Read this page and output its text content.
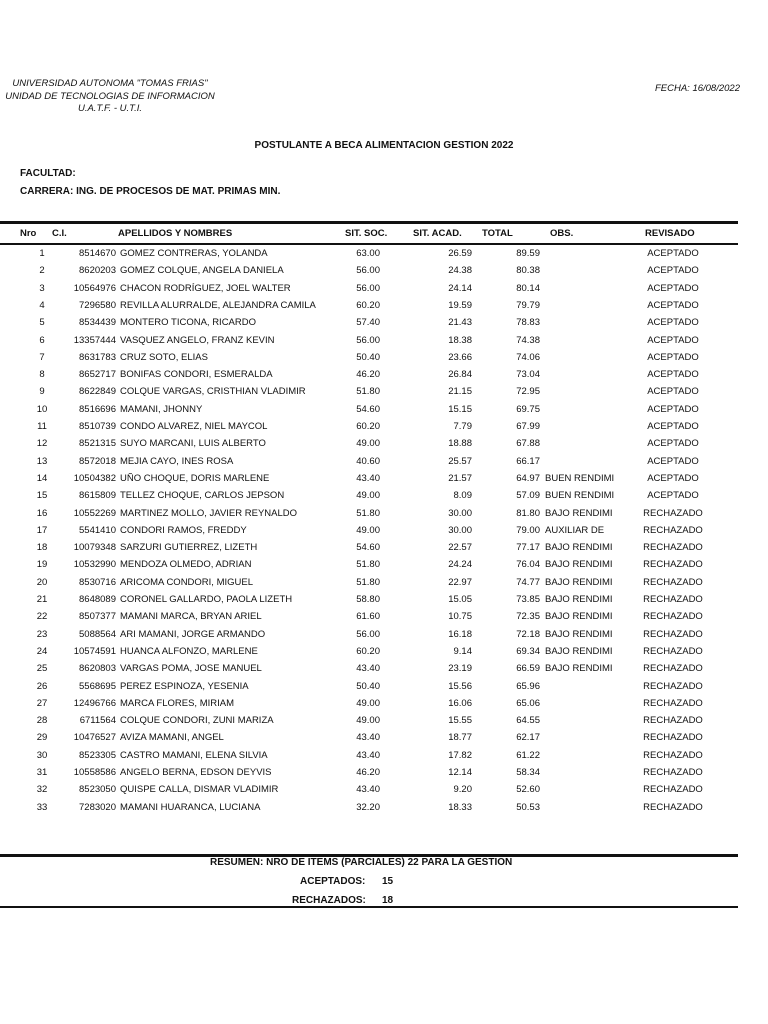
UNIVERSIDAD AUTONOMA "TOMAS FRIAS"
UNIDAD DE TECNOLOGIAS DE INFORMACION
U.A.T.F. - U.T.I.
FECHA: 16/08/2022
POSTULANTE A BECA ALIMENTACION GESTION 2022
FACULTAD:
CARRERA: ING. DE PROCESOS DE MAT. PRIMAS MIN.
Nro C.I.	APELLIDOS Y NOMBRES	SIT. SOC.	SIT. ACAD. TOTAL	OBS.	REVISADO
1	8514670 GOMEZ CONTRERAS, YOLANDA	63.00	26.59	89.59	ACEPTADO
2	8620203 GOMEZ COLQUE, ANGELA DANIELA	56.00	24.38	80.38	ACEPTADO
3	10564976 CHACON RODRÍGUEZ, JOEL WALTER	56.00	24.14	80.14	ACEPTADO
4	7296580 REVILLA ALURRALDE, ALEJANDRA CAMILA	60.20	19.59	79.79	ACEPTADO
5	8534439 MONTERO TICONA, RICARDO	57.40	21.43	78.83	ACEPTADO
6	13357444 VASQUEZ ANGELO, FRANZ KEVIN	56.00	18.38	74.38	ACEPTADO
7	8631783 CRUZ SOTO, ELIAS	50.40	23.66	74.06	ACEPTADO
8	8652717 BONIFAS CONDORI, ESMERALDA	46.20	26.84	73.04	ACEPTADO
9	8622849 COLQUE VARGAS, CRISTHIAN VLADIMIR	51.80	21.15	72.95	ACEPTADO
10	8516696 MAMANI, JHONNY	54.60	15.15	69.75	ACEPTADO
11	8510739 CONDO ALVAREZ, NIEL MAYCOL	60.20	7.79	67.99	ACEPTADO
12	8521315 SUYO MARCANI, LUIS ALBERTO	49.00	18.88	67.88	ACEPTADO
13	8572018 MEJIA CAYO, INES ROSA	40.60	25.57	66.17	ACEPTADO
14	10504382 UÑO CHOQUE, DORIS MARLENE	43.40	21.57	64.97 BUEN RENDIMI	ACEPTADO
15	8615809 TELLEZ CHOQUE, CARLOS JEPSON	49.00	8.09	57.09 BUEN RENDIMI	ACEPTADO
16	10552269 MARTINEZ MOLLO, JAVIER REYNALDO	51.80	30.00	81.80 BAJO RENDIMI	RECHAZADO
17	5541410 CONDORI RAMOS, FREDDY	49.00	30.00	79.00 AUXILIAR DE	RECHAZADO
18	10079348 SARZURI GUTIERREZ, LIZETH	54.60	22.57	77.17 BAJO RENDIMI	RECHAZADO
19	10532990 MENDOZA OLMEDO, ADRIAN	51.80	24.24	76.04 BAJO RENDIMI	RECHAZADO
20	8530716 ARICOMA CONDORI, MIGUEL	51.80	22.97	74.77 BAJO RENDIMI	RECHAZADO
21	8648089 CORONEL GALLARDO, PAOLA LIZETH	58.80	15.05	73.85 BAJO RENDIMI	RECHAZADO
22	8507377 MAMANI MARCA, BRYAN ARIEL	61.60	10.75	72.35 BAJO RENDIMI	RECHAZADO
23	5088564 ARI MAMANI, JORGE ARMANDO	56.00	16.18	72.18 BAJO RENDIMI	RECHAZADO
24	10574591 HUANCA ALFONZO, MARLENE	60.20	9.14	69.34 BAJO RENDIMI	RECHAZADO
25	8620803 VARGAS POMA, JOSE MANUEL	43.40	23.19	66.59 BAJO RENDIMI	RECHAZADO
26	5568695 PEREZ ESPINOZA, YESENIA	50.40	15.56	65.96	RECHAZADO
27	12496766 MARCA FLORES, MIRIAM	49.00	16.06	65.06	RECHAZADO
28	6711564 COLQUE CONDORI, ZUNI MARIZA	49.00	15.55	64.55	RECHAZADO
29	10476527 AVIZA MAMANI, ANGEL	43.40	18.77	62.17	RECHAZADO
30	8523305 CASTRO MAMANI, ELENA SILVIA	43.40	17.82	61.22	RECHAZADO
31	10558586 ANGELO BERNA, EDSON DEYVIS	46.20	12.14	58.34	RECHAZADO
32	8523050 QUISPE CALLA, DISMAR VLADIMIR	43.40	9.20	52.60	RECHAZADO
33	7283020 MAMANI HUARANCA, LUCIANA	32.20	18.33	50.53	RECHAZADO
RESUMEN: NRO DE ITEMS (PARCIALES) 22 PARA LA GESTION
ACEPTADOS: 15
RECHAZADOS: 18
